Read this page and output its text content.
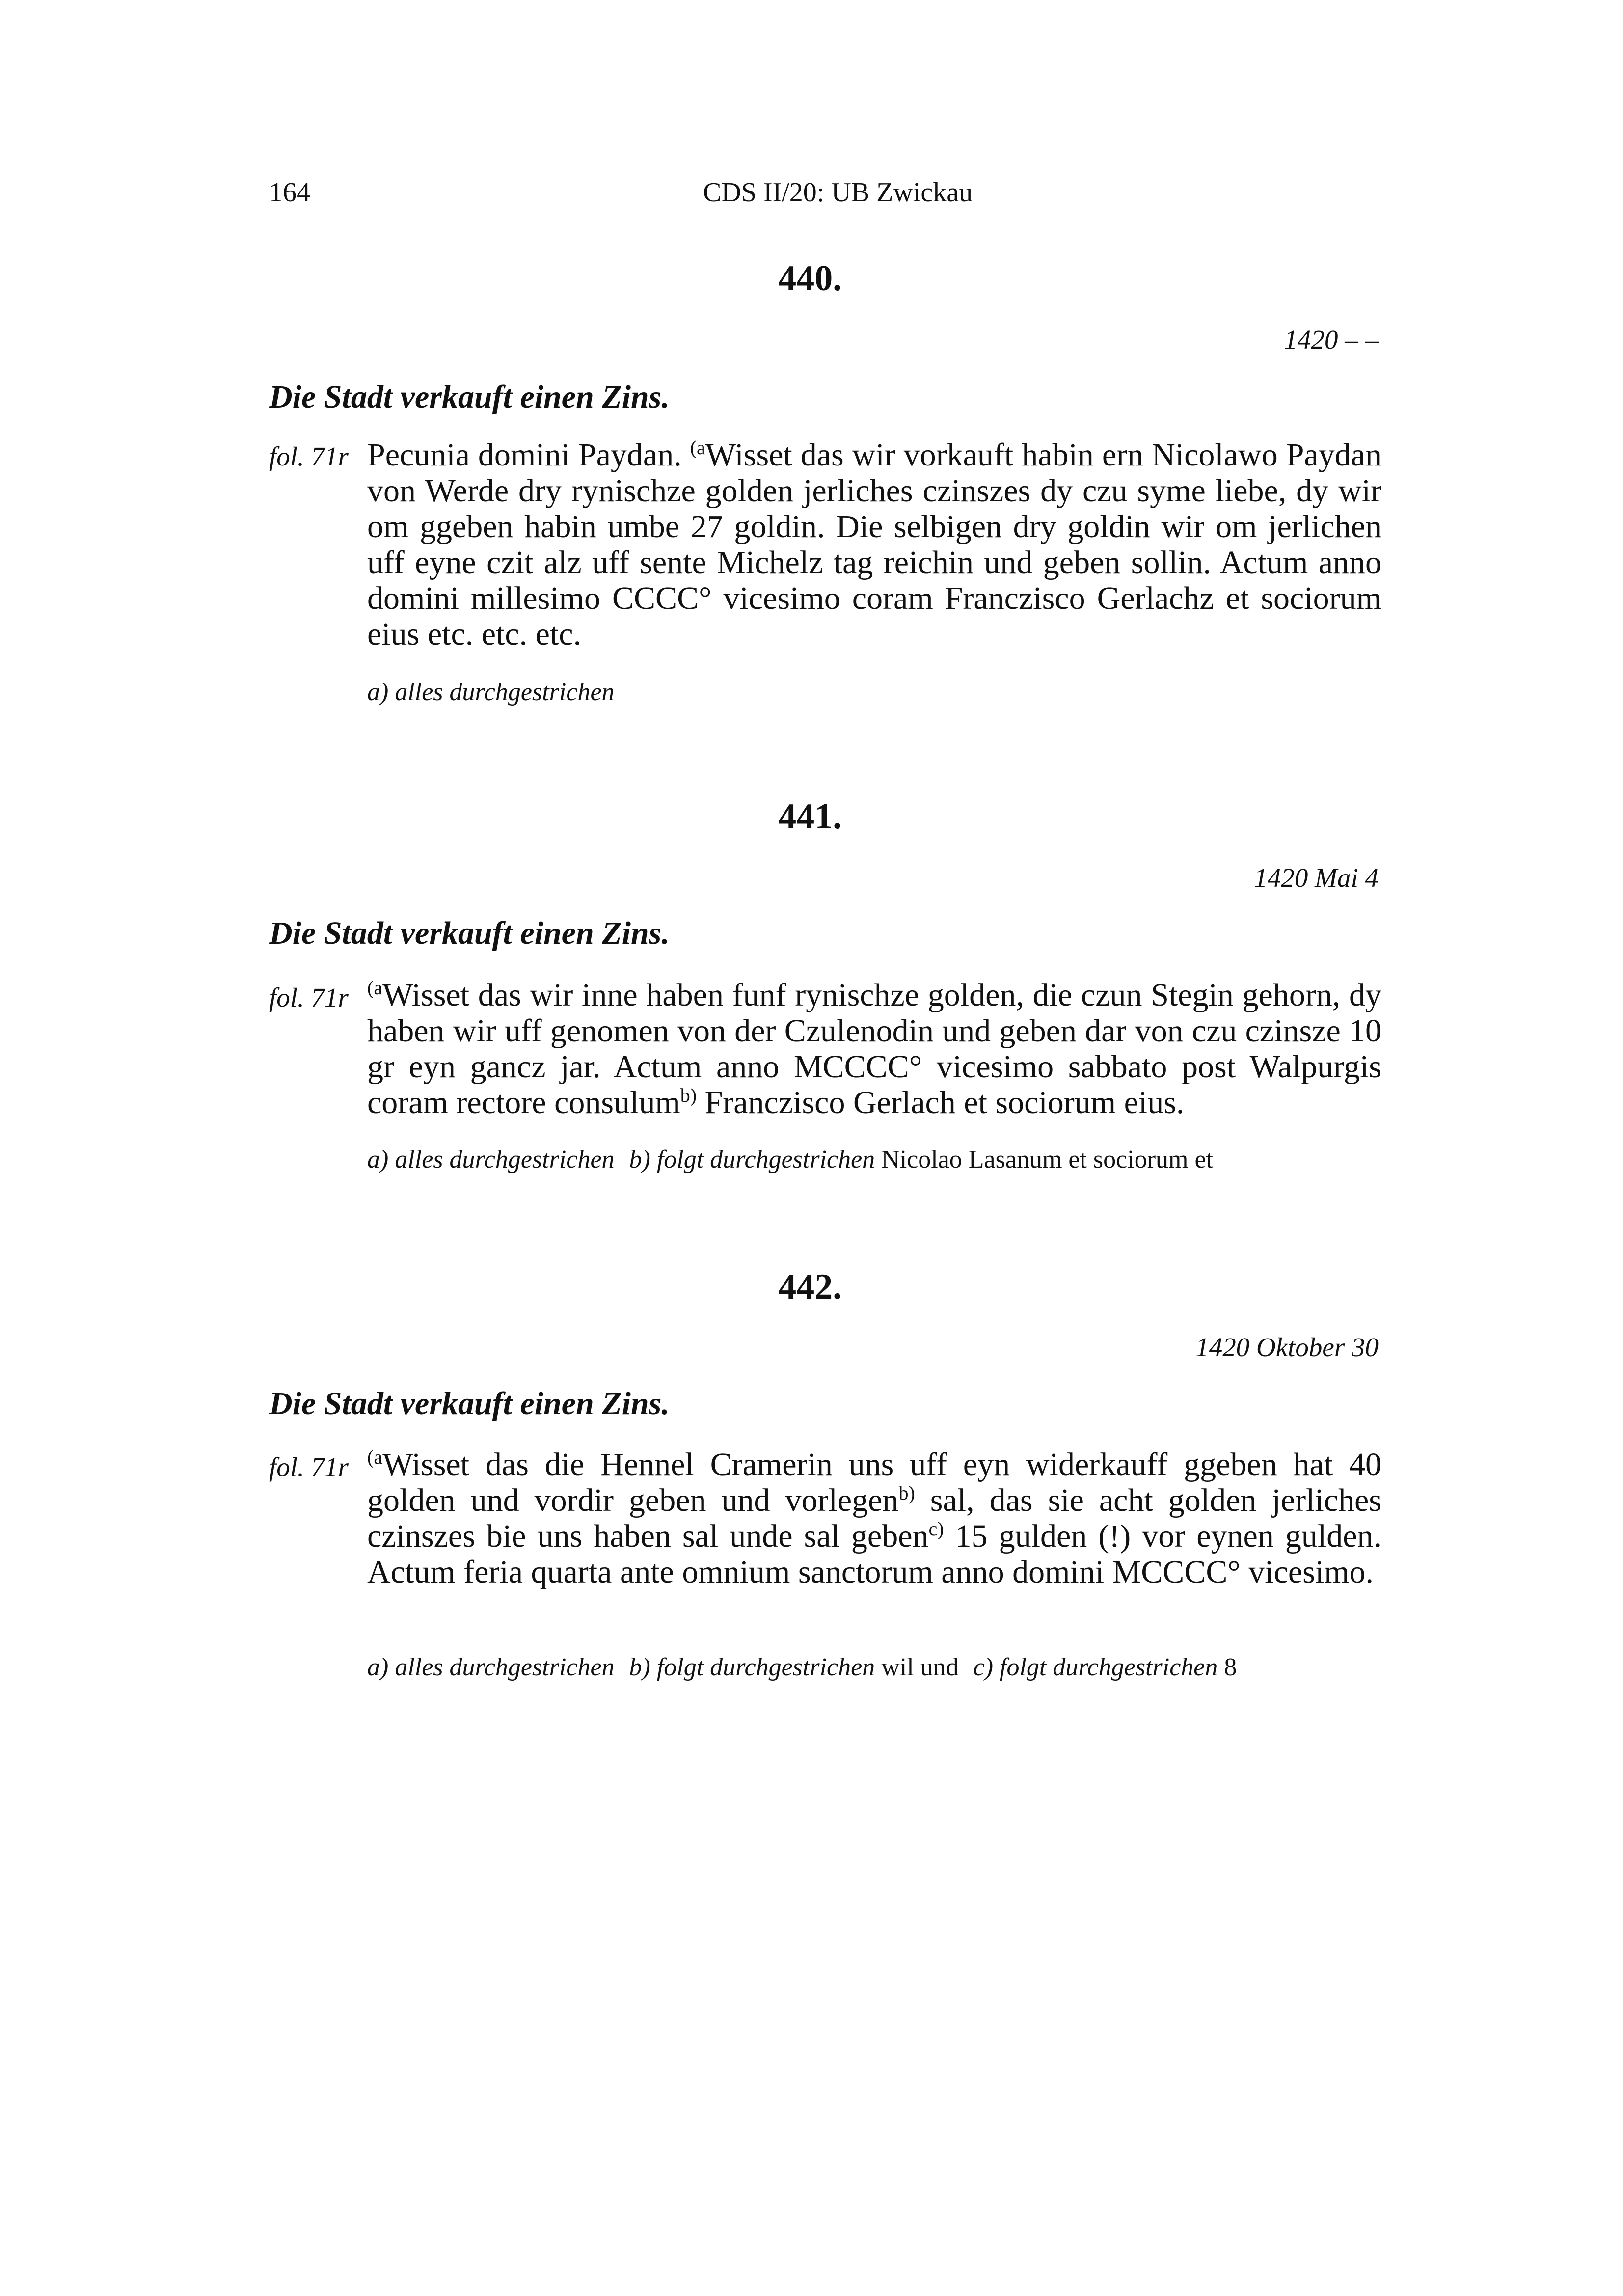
164	CDS II/20: UB Zwickau
440.
1420 – –
Die Stadt verkauft einen Zins.
fol. 71r Pecunia domini Paydan. $^{(a}$Wisset das wir vorkauft habin ern Nicolawo Paydan von Werde dry rynischze golden jerliches czinszes dy czu syme liebe, dy wir om ggeben habin umbe 27 goldin. Die selbigen dry goldin wir om jerlichen uff eyne czit alz uff sente Michelz tag reichin und geben sollin. Actum anno domini millesimo CCCC° vicesimo coram Franczisco Gerlachz et sociorum eius etc. etc. etc.
a) alles durchgestrichen
441.
1420 Mai 4
Die Stadt verkauft einen Zins.
fol. 71r $^{(a}$Wisset das wir inne haben funf rynischze golden, die czun Stegin gehorn, dy haben wir uff genomen von der Czulenodin und geben dar von czu czinsze 10 gr eyn gancz jar. Actum anno MCCCC° vicesimo sabbato post Walpurgis coram rectore consulum$^{b)}$ Franczisco Gerlach et sociorum eius.
a) alles durchgestrichen b) folgt durchgestrichen Nicolao Lasanum et sociorum et
442.
1420 Oktober 30
Die Stadt verkauft einen Zins.
fol. 71r $^{(a}$Wisset das die Hennel Cramerin uns uff eyn widerkauff ggeben hat 40 golden und vordir geben und vorlegen$^{b)}$ sal, das sie acht golden jerliches czinszes bie uns haben sal unde sal geben$^{c)}$ 15 gulden (!) vor eynen gulden. Actum feria quarta ante omnium sanctorum anno domini MCCCC° vicesimo.
a) alles durchgestrichen b) folgt durchgestrichen wil und c) folgt durchgestrichen 8
